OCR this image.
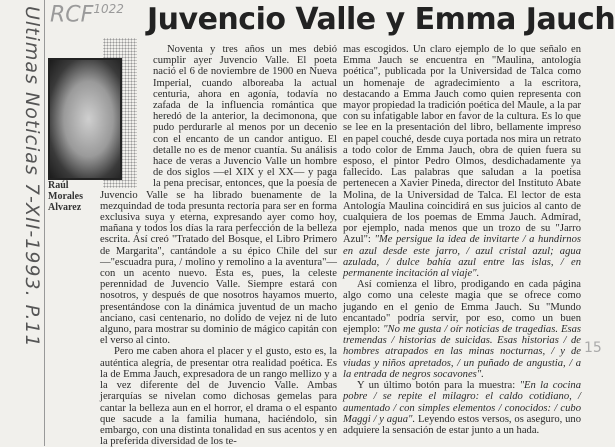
Ultimas Noticias 7-XII-1993. P.11 $RCF^{1022}$
15
Juvencio Valle y Emma Jauch
Raúl Morales Alvarez

Noventa y tres años un mes debió cumplir ayer Juvencio Valle. El poeta nació el 6 de noviembre de 1900 en Nueva Imperial, cuando alboreaba la actual centuria, ahora en agonía, todavía no zafada de la influencia romántica que heredó de la anterior, la decimonona, que pudo perdurarle al menos por un decenio con el encanto de un candor antiguo. El detalle no es de menor cuantía. Su análisis hace de veras a Juvencio Valle un hombre de dos siglos —el XIX y el XX— y paga la pena precisar, entonces, que la poesía de Juvencio Valle se ha librado buenamente de la mezquindad de toda presunta rectoría para ser en forma exclusiva suya y eterna, expresando ayer como hoy, mañana y todos los días la rara perfección de la belleza escrita. Así creó "Tratado del Bosque, el Libro Primero de Margarita", cantándole a su épico Chile del sur —"escuadra pura, / molino y remolino a la aventura"— con un acento nuevo. Esta es, pues, la celeste perennidad de Juvencio Valle. Siempre estará con nosotros, y después de que nosotros hayamos muerto, presentándose con la dinámica juventud de un macho anciano, casi centenario, no dolido de vejez ni de luto alguno, para mostrar su dominio de mágico capitán con el verso al cinto.

Pero me caben ahora el placer y el gusto, esto es, la auténtica alegría, de presentar otra realidad poética. Es la de Emma Jauch, expresadora de un rango mellizo y a la vez diferente del de Juvencio Valle. Ambas jerarquías se nivelan como dichosas gemelas para cantar la belleza aun en el horror, el drama o el espanto que sacude a la familia humana, haciéndolo, sin embargo, con una distinta tonalidad en sus acentos y en la preferida diversidad de los te-

mas escogidos. Un claro ejemplo de lo que señalo en Emma Jauch se encuentra en "Maulina, antología poética", publicada por la Universidad de Talca como un homenaje de agradecimiento a la escritora, destacando a Emma Jauch como quien representa con mayor propiedad la tradición poética del Maule, a la par con su infatigable labor en favor de la cultura. Es lo que se lee en la presentación del libro, bellamente impreso en papel couché, desde cuya portada nos mira un retrato a todo color de Emma Jauch, obra de quien fuera su esposo, el pintor Pedro Olmos, desdichadamente ya fallecido. Las palabras que saludan a la poetisa pertenecen a Xavier Pineda, director del Instituto Abate Molina, de la Universidad de Talca. El lector de esta Antología Maulina coincidirá en sus juicios al canto de cualquiera de los poemas de Emma Jauch. Admírad, por ejemplo, nada menos que un trozo de su "Jarro Azul": "Me persigue la idea de invitarte / a hundirnos en azul desde este jarro, / azul cristal azul; agua azulada, / dulce bahía azul entre las islas, / en permanente incitación al viaje".

Así comienza el libro, prodigando en cada página algo como una celeste magia que se ofrece como jugando en el genio de Emma Jauch. Su "Mundo encantado" podría servir, por eso, como un buen ejemplo: "No me gusta / oír noticias de tragedias. Esas tremendas / historias de suicidas. Esas historias / de hombres atrapados en las minas nocturnas, / y de viudas y niños apretados, / un puñado de angustia, / a la entrada de negros socavones".

Y un último botón para la muestra: "En la cocina pobre / se repite el milagro: el caldo cotidiano, / aumentado / con simples elementos / conocidos: / cubo Maggi / y agua". Leyendo estos versos, os aseguro, uno adquiere la sensación de estar junto a un hada.
